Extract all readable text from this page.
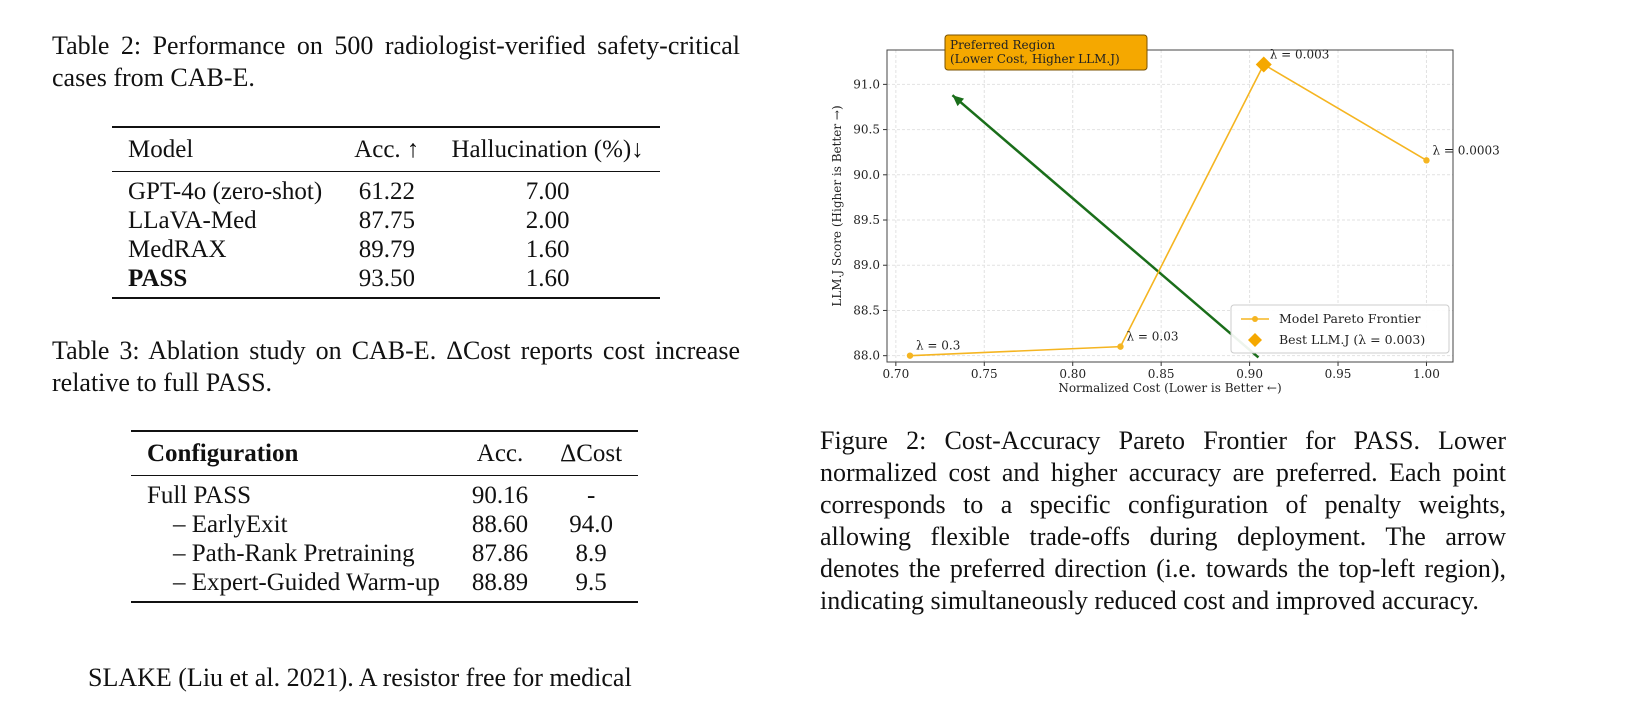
Table 2: Performance on 500 radiologist-verified safety-critical cases from CAB-E.

Model	Acc. ↑	Hallucination (%)↓
GPT-4o (zero-shot)	61.22	7.00
LLaVA-Med	87.75	2.00
MedRAX	89.79	1.60
PASS	93.50	1.60

Table 3: Ablation study on CAB-E. ΔCost reports cost increase relative to full PASS.

Configuration	Acc.	ΔCost
Full PASS	90.16	-
– EarlyExit	88.60	94.0
– Path-Rank Pretraining	87.86	8.9
– Expert-Guided Warm-up	88.89	9.5
SLAKE (Liu et al. 2021). A resistor free for medical
0.70	0.75	0.80	0.85	0.90	0.95	1.00
88.0
88.5
89.0
89.5
90.0
90.5
91.0
Normalized Cost (Lower is Better ←)
LLM.J Score (Higher is Better →)
λ = 0.3
λ = 0.03
λ = 0.003
λ = 0.0003
Preferred Region
(Lower Cost, Higher LLM.J)
Model Pareto Frontier
Best LLM.J (λ = 0.003)

Figure 2: Cost-Accuracy Pareto Frontier for PASS. Lower normalized cost and higher accuracy are preferred. Each point corresponds to a specific configuration of penalty weights, allowing flexible trade-offs during deployment. The arrow denotes the preferred direction (i.e. towards the top-left region), indicating simultaneously reduced cost and improved accuracy.
